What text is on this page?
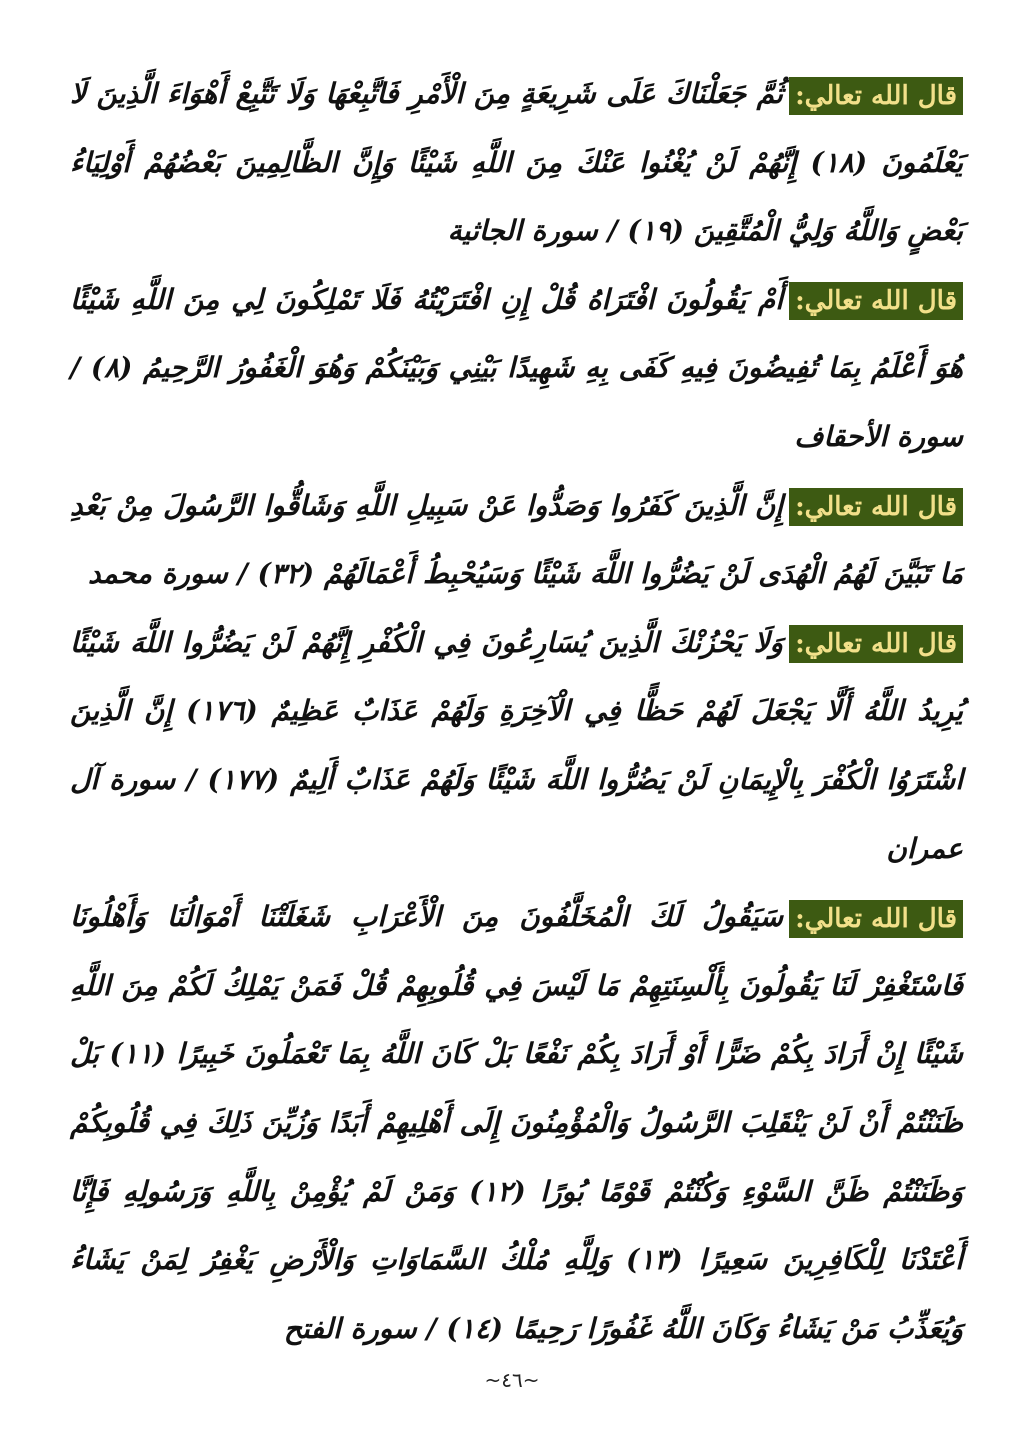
قال الله تعالي:ثُمَّ جَعَلْنَاكَ عَلَى شَرِيعَةٍ مِنَ الْأَمْرِ فَاتَّبِعْهَا وَلَا تَتَّبِعْ أَهْوَاءَ الَّذِينَ لَا يَعْلَمُونَ (١٨) إِنَّهُمْ لَنْ يُغْنُوا عَنْكَ مِنَ اللَّهِ شَيْئًا وَإِنَّ الظَّالِمِينَ بَعْضُهُمْ أَوْلِيَاءُ بَعْضٍ وَاللَّهُ وَلِيُّ الْمُتَّقِينَ (١٩) / سورة الجاثية

قال الله تعالي:أَمْ يَقُولُونَ افْتَرَاهُ قُلْ إِنِ افْتَرَيْتُهُ فَلَا تَمْلِكُونَ لِي مِنَ اللَّهِ شَيْئًا هُوَ أَعْلَمُ بِمَا تُفِيضُونَ فِيهِ كَفَى بِهِ شَهِيدًا بَيْنِي وَبَيْنَكُمْ وَهُوَ الْغَفُورُ الرَّحِيمُ (٨) / سورة الأحقاف

قال الله تعالي:إِنَّ الَّذِينَ كَفَرُوا وَصَدُّوا عَنْ سَبِيلِ اللَّهِ وَشَاقُّوا الرَّسُولَ مِنْ بَعْدِ مَا تَبَيَّنَ لَهُمُ الْهُدَى لَنْ يَضُرُّوا اللَّهَ شَيْئًا وَسَيُحْبِطُ أَعْمَالَهُمْ (٣٢) / سورة محمد

قال الله تعالي:وَلَا يَحْزُنْكَ الَّذِينَ يُسَارِعُونَ فِي الْكُفْرِ إِنَّهُمْ لَنْ يَضُرُّوا اللَّهَ شَيْئًا يُرِيدُ اللَّهُ أَلَّا يَجْعَلَ لَهُمْ حَظًّا فِي الْآخِرَةِ وَلَهُمْ عَذَابٌ عَظِيمٌ (١٧٦) إِنَّ الَّذِينَ اشْتَرَوُا الْكُفْرَ بِالْإِيمَانِ لَنْ يَضُرُّوا اللَّهَ شَيْئًا وَلَهُمْ عَذَابٌ أَلِيمٌ (١٧٧) / سورة آل عمران

قال الله تعالي:سَيَقُولُ لَكَ الْمُخَلَّفُونَ مِنَ الْأَعْرَابِ شَغَلَتْنَا أَمْوَالُنَا وَأَهْلُونَا فَاسْتَغْفِرْ لَنَا يَقُولُونَ بِأَلْسِنَتِهِمْ مَا لَيْسَ فِي قُلُوبِهِمْ قُلْ فَمَنْ يَمْلِكُ لَكُمْ مِنَ اللَّهِ شَيْئًا إِنْ أَرَادَ بِكُمْ ضَرًّا أَوْ أَرَادَ بِكُمْ نَفْعًا بَلْ كَانَ اللَّهُ بِمَا تَعْمَلُونَ خَبِيرًا (١١) بَلْ ظَنَنْتُمْ أَنْ لَنْ يَنْقَلِبَ الرَّسُولُ وَالْمُؤْمِنُونَ إِلَى أَهْلِيهِمْ أَبَدًا وَزُيِّنَ ذَلِكَ فِي قُلُوبِكُمْ وَظَنَنْتُمْ ظَنَّ السَّوْءِ وَكُنْتُمْ قَوْمًا بُورًا (١٢) وَمَنْ لَمْ يُؤْمِنْ بِاللَّهِ وَرَسُولِهِ فَإِنَّا أَعْتَدْنَا لِلْكَافِرِينَ سَعِيرًا (١٣) وَلِلَّهِ مُلْكُ السَّمَاوَاتِ وَالْأَرْضِ يَغْفِرُ لِمَنْ يَشَاءُ وَيُعَذِّبُ مَنْ يَشَاءُ وَكَانَ اللَّهُ غَفُورًا رَحِيمًا (١٤) / سورة الفتح

~٤٦~
